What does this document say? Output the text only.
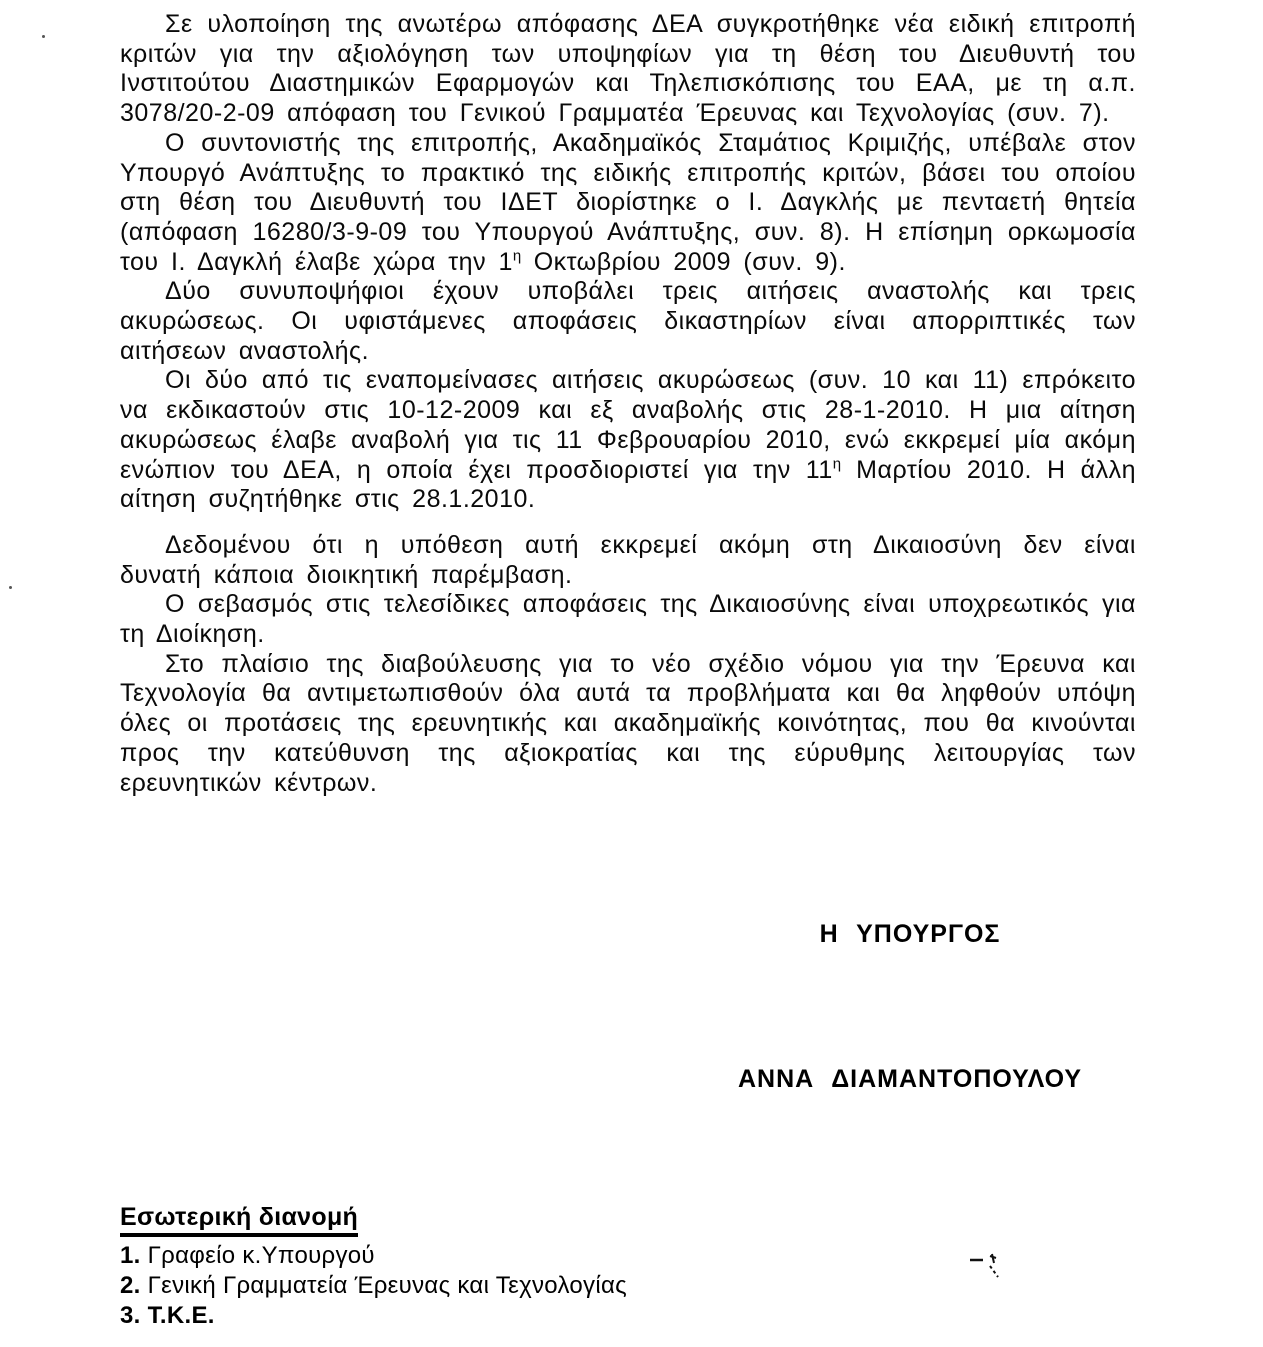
Σε υλοποίηση της ανωτέρω απόφασης ΔΕΑ συγκροτήθηκε νέα ειδική επιτροπή κριτών για την αξιολόγηση των υποψηφίων για τη θέση του Διευθυντή του Ινστιτούτου Διαστημικών Εφαρμογών και Τηλεπισκόπισης του ΕΑΑ, με τη α.π. 3078/20-2-09 απόφαση του Γενικού Γραμματέα Έρευνας και Τεχνολογίας (συν. 7).

Ο συντονιστής της επιτροπής, Ακαδημαϊκός Σταμάτιος Κριμιζής, υπέβαλε στον Υπουργό Ανάπτυξης το πρακτικό της ειδικής επιτροπής κριτών, βάσει του οποίου στη θέση του Διευθυντή του ΙΔΕΤ διορίστηκε ο Ι. Δαγκλής με πενταετή θητεία (απόφαση 16280/3-9-09 του Υπουργού Ανάπτυξης, συν. 8). Η επίσημη ορκωμοσία του Ι. Δαγκλή έλαβε χώρα την $1^\eta$ Οκτωβρίου 2009 (συν. 9).

Δύο συνυποψήφιοι έχουν υποβάλει τρεις αιτήσεις αναστολής και τρεις ακυρώσεως. Οι υφιστάμενες αποφάσεις δικαστηρίων είναι απορριπτικές των αιτήσεων αναστολής.

Οι δύο από τις εναπομείνασες αιτήσεις ακυρώσεως (συν. 10 και 11) επρόκειτο να εκδικαστούν στις 10-12-2009 και εξ αναβολής στις 28-1-2010. Η μια αίτηση ακυρώσεως έλαβε αναβολή για τις 11 Φεβρουαρίου 2010, ενώ εκκρεμεί μία ακόμη ενώπιον του ΔΕΑ, η οποία έχει προσδιοριστεί για την $11^\eta$ Μαρτίου 2010. Η άλλη αίτηση συζητήθηκε στις 28.1.2010.

Δεδομένου ότι η υπόθεση αυτή εκκρεμεί ακόμη στη Δικαιοσύνη δεν είναι δυνατή κάποια διοικητική παρέμβαση.

Ο σεβασμός στις τελεσίδικες αποφάσεις της Δικαιοσύνης είναι υποχρεωτικός για τη Διοίκηση.

Στο πλαίσιο της διαβούλευσης για το νέο σχέδιο νόμου για την Έρευνα και Τεχνολογία θα αντιμετωπισθούν όλα αυτά τα προβλήματα και θα ληφθούν υπόψη όλες οι προτάσεις της ερευνητικής και ακαδημαϊκής κοινότητας, που θα κινούνται προς την κατεύθυνση της αξιοκρατίας και της εύρυθμης λειτουργίας των ερευνητικών κέντρων.

Η ΥΠΟΥΡΓΟΣ
ΑΝΝΑ ΔΙΑΜΑΝΤΟΠΟΥΛΟΥ
Εσωτερική διανομή
1. Γραφείο κ.Υπουργού
2. Γενική Γραμματεία Έρευνας και Τεχνολογίας
3. Τ.Κ.Ε.
